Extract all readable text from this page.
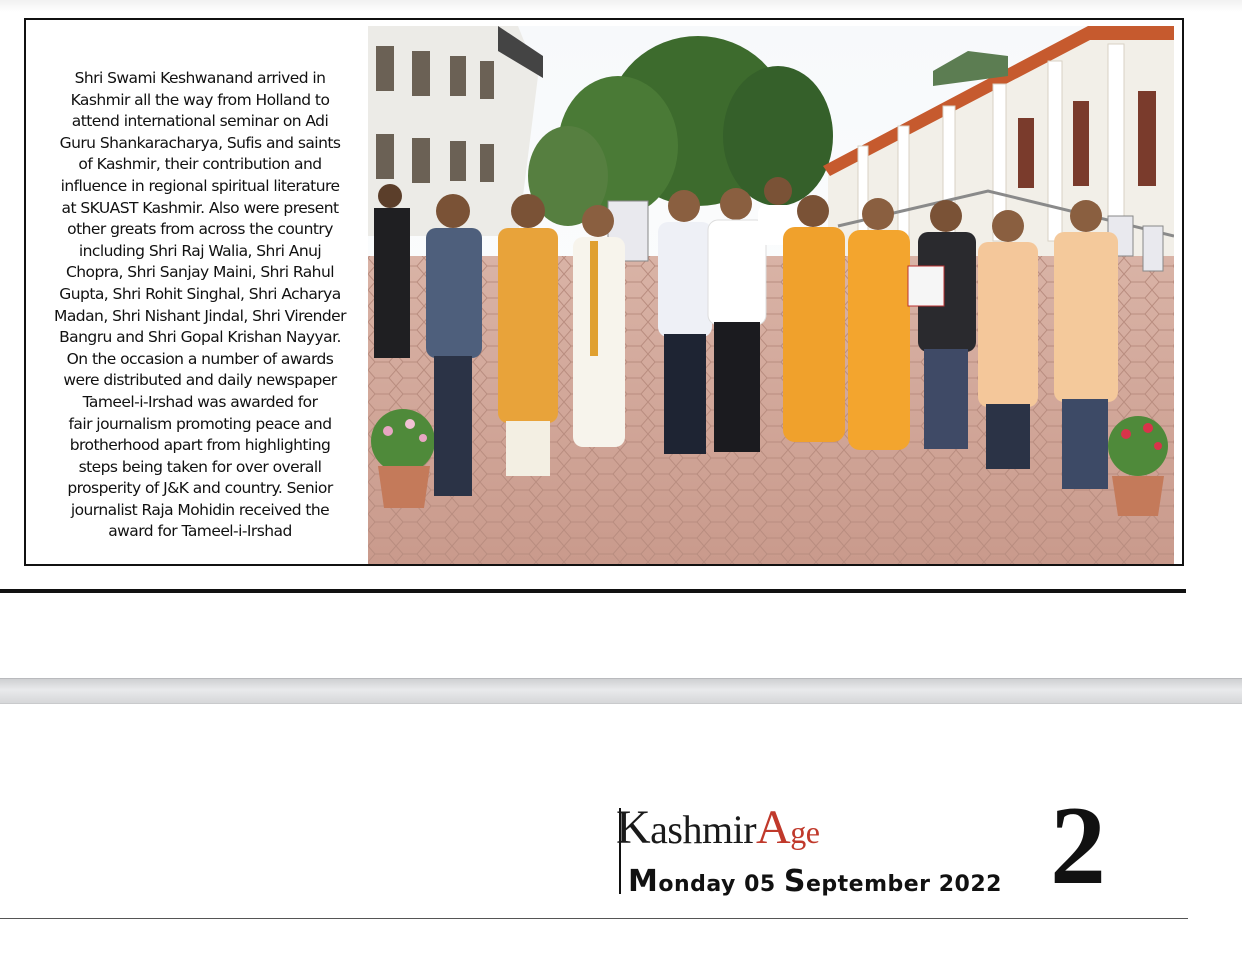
Shri Swami Keshwanand arrived in
Kashmir all the way from Holland to
attend international seminar on Adi
Guru Shankaracharya, Sufis and saints
of Kashmir, their contribution and
influence in regional spiritual literature
at SKUAST Kashmir. Also were present
other greats from across the country
including Shri Raj Walia, Shri Anuj
Chopra, Shri Sanjay Maini, Shri Rahul
Gupta, Shri Rohit Singhal, Shri Acharya
Madan, Shri Nishant Jindal, Shri Virender
Bangru and Shri Gopal Krishan Nayyar.
On the occasion a number of awards
were distributed and daily newspaper
Tameel-i-Irshad was awarded for
fair journalism promoting peace and
brotherhood apart from highlighting
steps being taken for over overall
prosperity of J&K and country. Senior
journalist Raja Mohidin received the
award for Tameel-i-Irshad
KashmirAge
Monday 05 September 2022 2
